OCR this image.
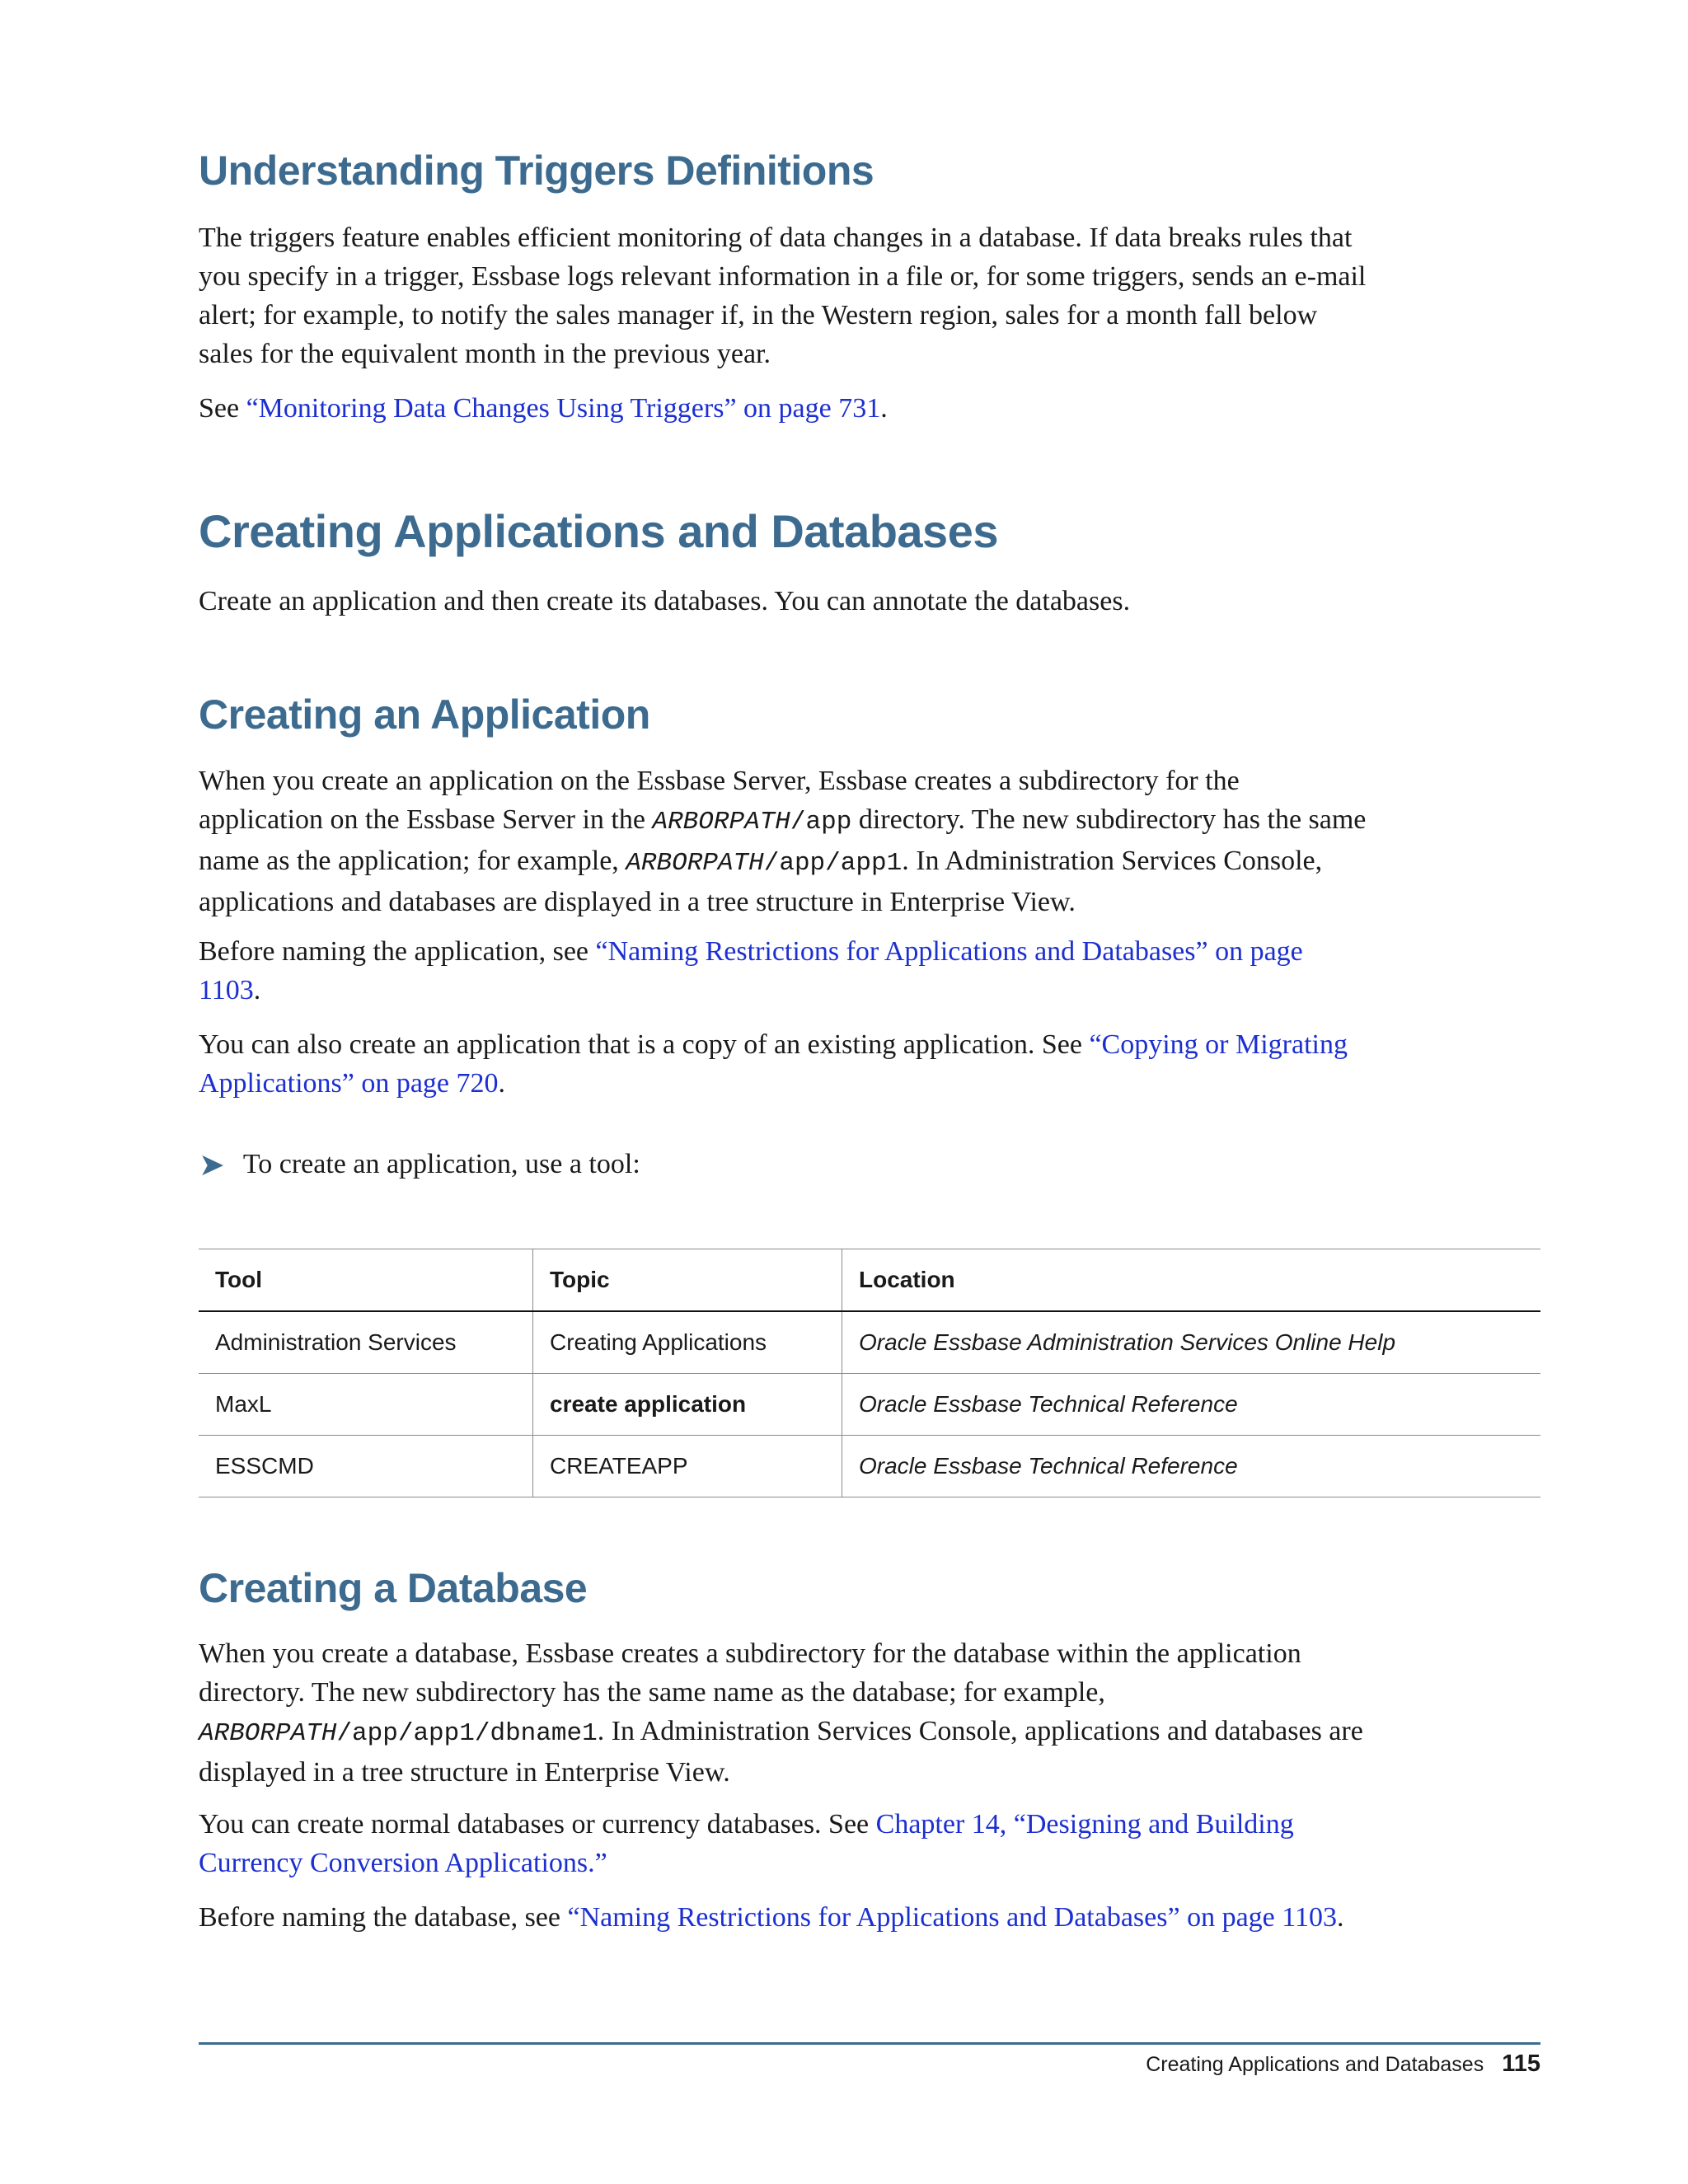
Understanding Triggers Definitions

The triggers feature enables efficient monitoring of data changes in a database. If data breaks rules that you specify in a trigger, Essbase logs relevant information in a file or, for some triggers, sends an e-mail alert; for example, to notify the sales manager if, in the Western region, sales for a month fall below sales for the equivalent month in the previous year.

See “Monitoring Data Changes Using Triggers” on page 731.

Creating Applications and Databases

Create an application and then create its databases. You can annotate the databases.

Creating an Application

When you create an application on the Essbase Server, Essbase creates a subdirectory for the application on the Essbase Server in the ARBORPATH/app directory. The new subdirectory has the same name as the application; for example, ARBORPATH/app/app1. In Administration Services Console, applications and databases are displayed in a tree structure in Enterprise View.

Before naming the application, see “Naming Restrictions for Applications and Databases” on page 1103.

You can also create an application that is a copy of an existing application. See “Copying or Migrating Applications” on page 720.

➤ To create an application, use a tool:
Tool	Topic	Location
Administration Services	Creating Applications	Oracle Essbase Administration Services Online Help
MaxL	create application	Oracle Essbase Technical Reference
ESSCMD	CREATEAPP	Oracle Essbase Technical Reference
Creating a Database

When you create a database, Essbase creates a subdirectory for the database within the application directory. The new subdirectory has the same name as the database; for example, ARBORPATH/app/app1/dbname1. In Administration Services Console, applications and databases are displayed in a tree structure in Enterprise View.

You can create normal databases or currency databases. See Chapter 14, “Designing and Building Currency Conversion Applications.”

Before naming the database, see “Naming Restrictions for Applications and Databases” on page 1103.

Creating Applications and Databases 115
